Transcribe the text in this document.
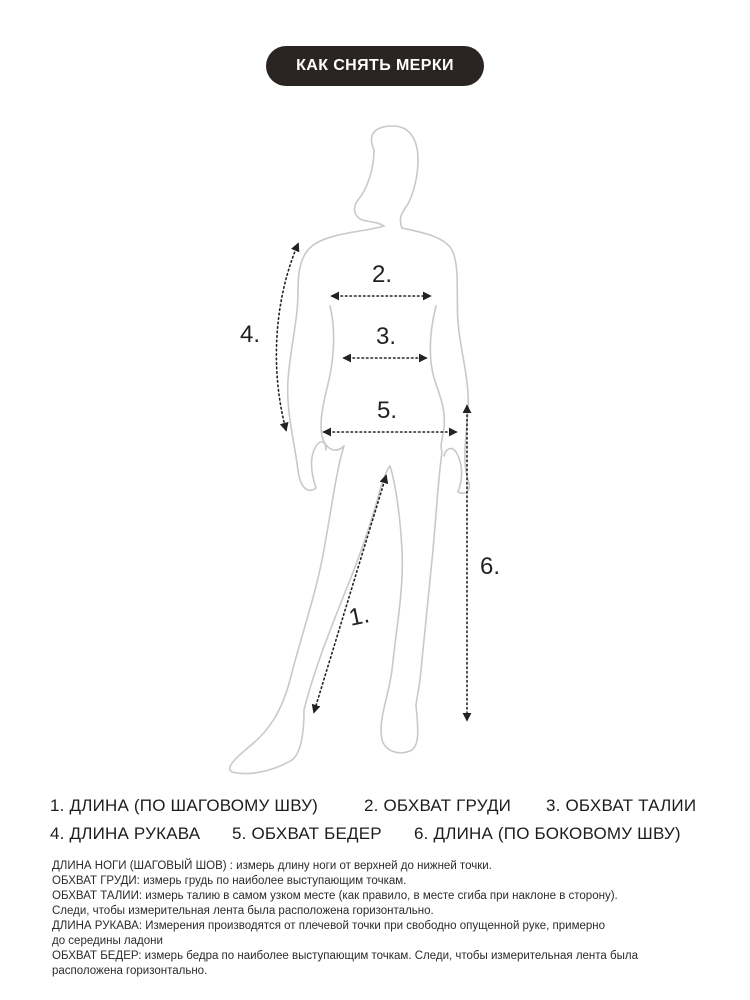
КАК СНЯТЬ МЕРКИ
2.
3.
5.
4.
1.
6.
1. ДЛИНА (ПО ШАГОВОМУ ШВУ)	2. ОБХВАТ ГРУДИ 3. ОБХВАТ ТАЛИИ
4. ДЛИНА РУКАВА 5. ОБХВАТ БЕДЕР 6. ДЛИНА (ПО БОКОВОМУ ШВУ)

ДЛИНА НОГИ (ШАГОВЫЙ ШОВ) : измерь длину ноги от верхней до нижней точки.

ОБХВАТ ГРУДИ: измерь грудь по наиболее выступающим точкам.

ОБХВАТ ТАЛИИ: измерь талию в самом узком месте (как правило, в месте сгиба при наклоне в сторону).

Следи, чтобы измерительная лента была расположена горизонтально.

ДЛИНА РУКАВА: Измерения производятся от плечевой точки при свободно опущенной руке, примерно

до середины ладони

ОБХВАТ БЕДЕР: измерь бедра по наиболее выступающим точкам. Следи, чтобы измерительная лента была

расположена горизонтально.
